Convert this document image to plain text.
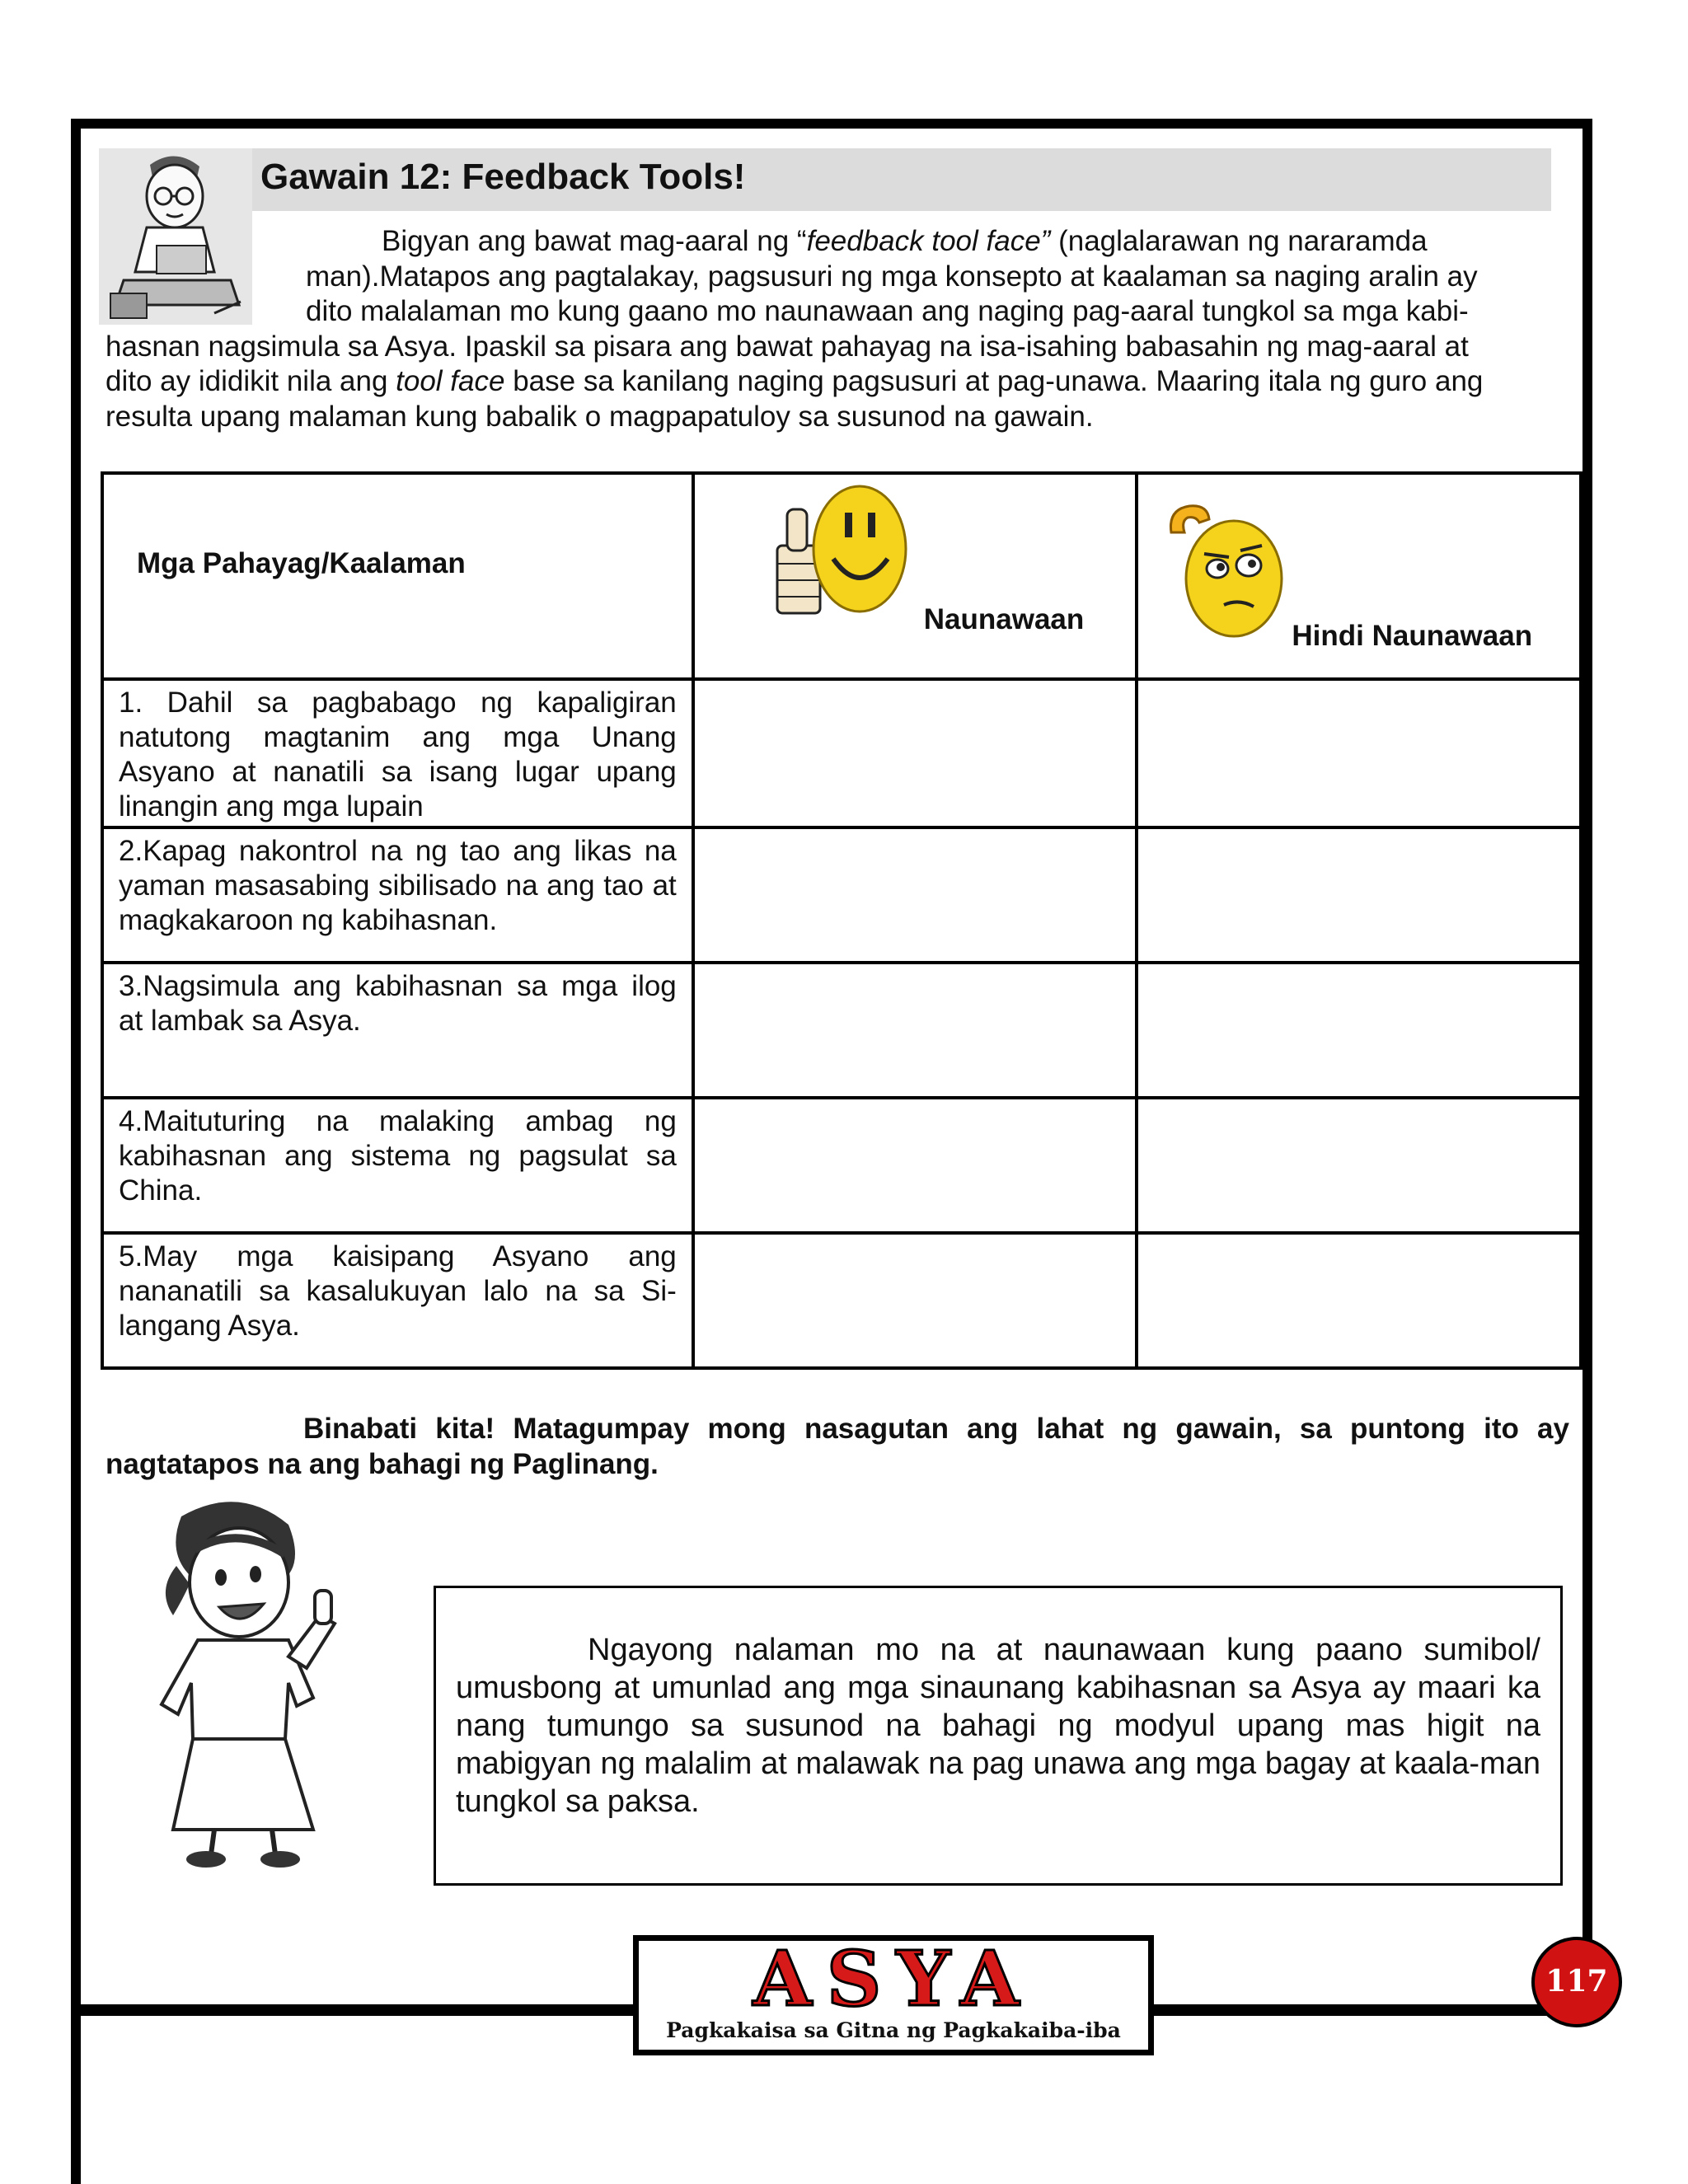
Gawain 12: Feedback Tools!

Bigyan ang bawat mag-aaral ng “feedback tool face” (naglalarawan ng nararamda
man).Matapos ang pagtalakay, pagsusuri ng mga konsepto at kaalaman sa naging aralin ay
dito malalaman mo kung gaano mo naunawaan ang naging pag-aaral tungkol sa mga kabi-
hasnan nagsimula sa Asya. Ipaskil sa pisara ang bawat pahayag na isa-isahing babasahin ng mag-aaral at
dito ay ididikit nila ang tool face base sa kanilang naging pagsusuri at pag-unawa. Maaring itala ng guro ang
resulta upang malaman kung babalik o magpapatuloy sa susunod na gawain.

Mga Pahayag/Kaalaman	Naunawaan	Hindi Naunawaan

1. Dahil sa pagbabago ng kapaligiran natutong magtanim ang mga Unang Asyano at nanatili sa isang lugar upang linangin ang mga lupain		
2.Kapag nakontrol na ng tao ang likas na yaman masasabing sibilisado na ang tao at magkakaroon ng kabihasnan.		
3.Nagsimula ang kabihasnan sa mga ilog at lambak sa Asya.		
4.Maituturing na malaking ambag ng kabihasnan ang sistema ng pagsulat sa China.		
5.May mga kaisipang Asyano ang nananatili sa kasalukuyan lalo na sa Si-langang Asya.		

Binabati kita! Matagumpay mong nasagutan ang lahat ng gawain, sa puntong ito ay nagtatapos na ang bahagi ng Paglinang.

Ngayong nalaman mo na at naunawaan kung paano sumibol/ umusbong at umunlad ang mga sinaunang kabihasnan sa Asya ay maari ka nang tumungo sa susunod na bahagi ng modyul upang mas higit na mabigyan ng malalim at malawak na pag unawa ang mga bagay at kaala-man tungkol sa paksa.

ASYA
Pagkakaisa sa Gitna ng Pagkakaiba-iba
117
